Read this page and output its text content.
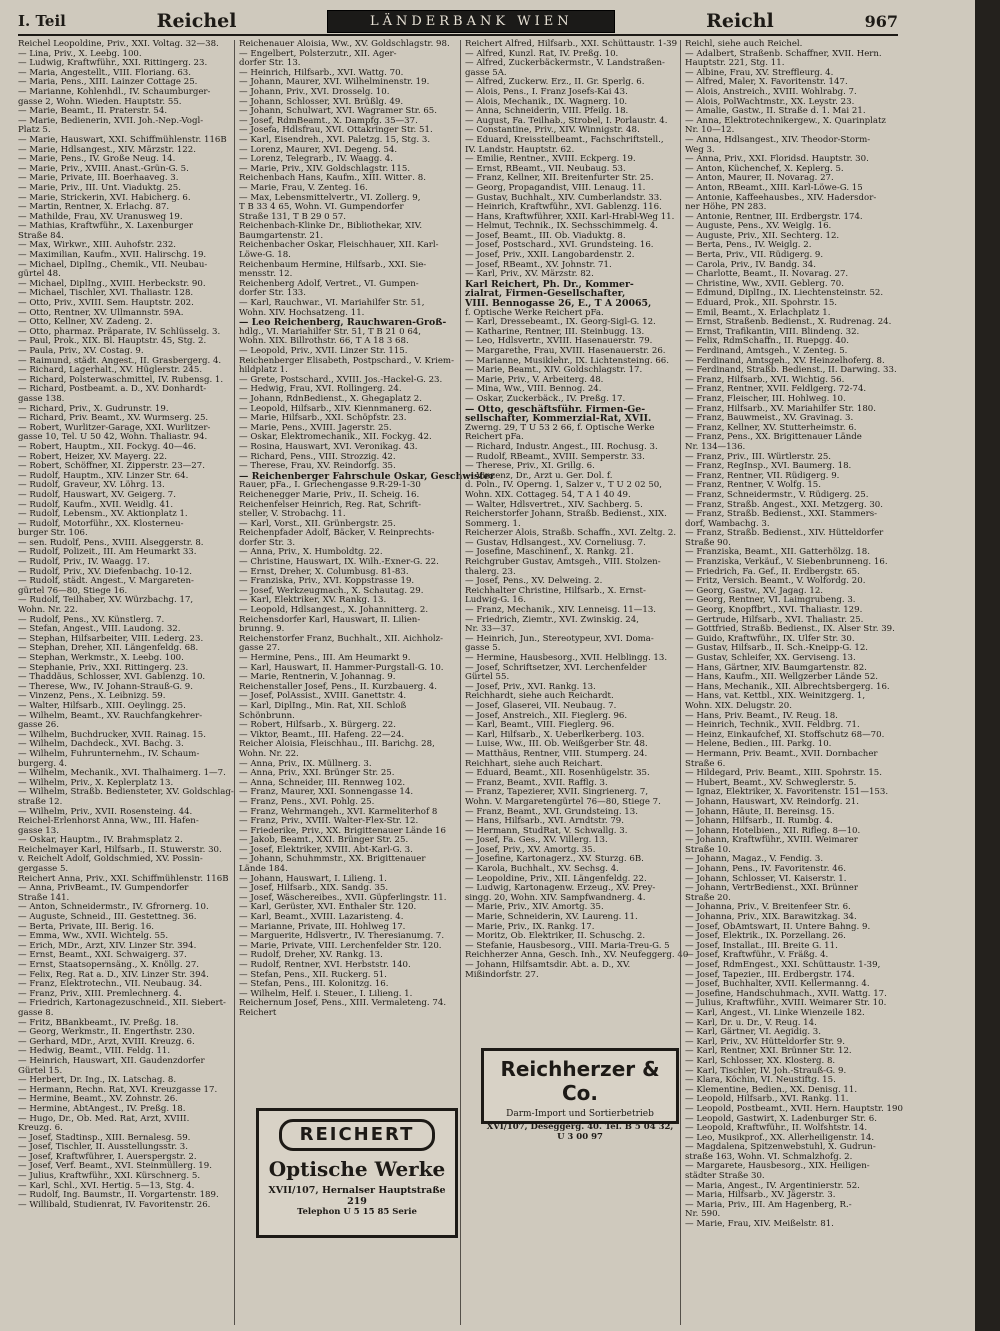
I. Teil	Reichel	LÄNDERBANK WIEN	Reichl	967
Reichel Leopoldine, Priv., XXI. Voltag. 32—38.
— Lina, Priv., X. Leebg. 100.
— Ludwig, Kraftwführ., XXI. Rittingerg. 23.
— Maria, Angestellt., VIII. Floriang. 63.
— Maria, Pens., XIII. Lainzer Cottage 25.
— Marianne, Kohlenhdl., IV. Schaumburger-
gasse 2, Wohn. Wieden. Hauptstr. 55.
— Marie, Beamt., II. Praterstr. 54.
— Marie, Bedienerin, XVII. Joh.-Nep.-Vogl-
Platz 5.
— Marie, Hauswart, XXI. Schiffmühlenstr. 116B
— Marie, Hdlsangest., XIV. Märzstr. 122.
— Marie, Pens., IV. Große Neug. 14.
— Marie, Priv., XVIII. Anast.-Grün-G. 5.
— Marie, Private, III. Boerhaaveg. 3.
— Marie, Priv., III. Unt. Viaduktg. 25.
— Marie, Strickerin, XVI. Habicherg. 6.
— Martin, Rentner, X. Erlachg. 87.
— Mathilde, Frau, XV. Uranusweg 19.
— Mathias, Kraftwführ., X. Laxenburger
Straße 84.
— Max, Wirkwr., XIII. Auhofstr. 232.
— Maximilian, Kaufm., XVII. Halirschg. 19.
— Michael, DiplIng., Chemik., VII. Neubau-
gürtel 48.
— Michael, DiplIng., XVIII. Herbeckstr. 90.
— Michael, Tischler, XVI. Thaliastr. 128.
— Otto, Priv., XVIII. Sem. Hauptstr. 202.
— Otto, Rentner, XV. Ullmannstr. 59A.
— Otto, Kellner, XV. Zadeng. 2.
— Otto, pharmaz. Präparate, IV. Schlüsselg. 3.
— Paul, Prok., XIX. Bl. Hauptstr. 45, Stg. 2.
— Paula, Priv., XV. Costag. 9.
— Raimund, städt. Angest., II. Grasbergerg. 4.
— Richard, Lagerhalt., XV. Hüglerstr. 245.
— Richard, Polsterwaschmittel, IV. Rubensg. 1.
— Richard, Postbeamt. a. D., XV. Donhardt-
gasse 138.
— Richard, Priv., X. Gudrunstr. 19.
— Richard, Priv. Beamt., XV. Wurmserg. 25.
— Robert, Wurlitzer-Garage, XXI. Wurlitzer-
gasse 10, Tel. U 50 42, Wohn. Thaliastr. 94.
— Robert, Hauptm., XII. Fockyg. 40—46.
— Robert, Heizer, XV. Mayerg. 22.
— Robert, Schöffner, XI. Zipperstr. 23—27.
— Rudolf, Hauptm., XIV. Linzer Str. 64.
— Rudolf, Graveur, XV. Löhrg. 13.
— Rudolf, Hauswart, XV. Geigerg. 7.
— Rudolf, Kaufm., XVII. Weidlg. 41.
— Rudolf, Lebensm., XV. Aktionplatz 1.
— Rudolf, Motorführ., XX. Klosterneu-
burger Str. 106.
— sen. Rudolf, Pens., XVIII. Alseggerstr. 8.
— Rudolf, Polizeit., III. Am Heumarkt 33.
— Rudolf, Priv., IV. Waagg. 17.
— Rudolf, Priv., XV. Diefenbachg. 10-12.
— Rudolf, städt. Angest., V. Margareten-
gürtel 76—80, Stiege 16.
— Rudolf, Teilhaber, XV. Würzbachg. 17,
Wohn. Nr. 22.
— Rudolf, Pens., XV. Künstlerg. 7.
— Stefan, Angest., VIII. Laudong. 32.
— Stephan, Hilfsarbeiter, VIII. Lederg. 23.
— Stephan, Dreher, XII. Längenfeldg. 68.
— Stephan, Werkmstr., X. Leebg. 100.
— Stephanie, Priv., XXI. Rittingerg. 23.
— Thaddäus, Schlosser, XVI. Gablenzg. 10.
— Therese, Ww., IV. Johann-Strauß-G. 9.
— Vinzenz, Pens., X. Leibnizg. 59.
— Walter, Hilfsarb., XIII. Oeylingg. 25.
— Wilhelm, Beamt., XV. Rauchfangkehrer-
gasse 26.
— Wilhelm, Buchdrucker, XVII. Rainag. 15.
— Wilhelm, Dachdeck., XVI. Bachg. 3.
— Wilhelm, Fuhrunternehm., IV. Schaum-
burgerg. 4.
— Wilhelm, Mechanik., XVI. Thalhaimerg. 1—7.
— Wilhelm, Priv., X. Keplerplatz 13.
— Wilhelm, Straßb. Bediensteter, XV. Goldschlag-
straße 12.
— Wilhelm, Priv., XVII. Rosensteing. 44.
Reichel-Erlenhorst Anna, Ww., III. Hafen-
gasse 13.
— Oskar, Hauptm., IV. Brahmsplatz 2.
Reichelmayer Karl, Hilfsarb., II. Stuwerstr. 30.
v. Reichelt Adolf, Goldschmied, XV. Possin-
gergasse 5.
Reichert Anna, Priv., XXI. Schiffmühlenstr. 116B
— Anna, PrivBeamt., IV. Gumpendorfer
Straße 141.
— Anton, Schneidermstr., IV. Gfrornerg. 10.
— Auguste, Schneid., III. Gestettneg. 36.
— Berta, Private, III. Berig. 16.
— Emma, Ww., XVII. Wichtelg. 55.
— Erich, MDr., Arzt, XIV. Linzer Str. 394.
— Ernst, Beamt., XXI. Schwaigerg. 37.
— Ernst, Staatsopernsäng., X. Knöllg. 27.
— Felix, Reg. Rat a. D., XIV. Linzer Str. 394.
— Franz, Elektrotechn., VII. Neubaug. 34.
— Franz, Priv., XIII. Premlechnerg. 4.
— Friedrich, Kartonagezuschneid., XII. Siebert-
gasse 8.
— Fritz, BBankbeamt., IV. Preßg. 18.
— Georg, Werkmstr., II. Engerthstr. 230.
— Gerhard, MDr., Arzt, XVIII. Kreuzg. 6.
— Hedwig, Beamt., VIII. Feldg. 11.
— Heinrich, Hauswart, XII. Gaudenzdorfer
Gürtel 15.
— Herbert, Dr. Ing., IX. Latschag. 8.
— Hermann, Rechn. Rat, XVI. Kreuzgasse 17.
— Hermine, Beamt., XV. Zohnstr. 26.
— Hermine, AbtAngest., IV. Preßg. 18.
— Hugo, Dr., Ob. Med. Rat, Arzt, XVIII.
Kreuzg. 6.
— Josef, Stadtinsp., XIII. Bernalesg. 59.
— Josef, Tischler, II. Ausstellungsstr. 3.
— Josef, Kraftwführer, I. Auerspergstr. 2.
— Josef, Verf. Beamt., XVI. Steinmüllerg. 19.
— Julius, Kraftwführ., XXI. Kürschnerg. 5.
— Karl, Schl., XVI. Hertig. 5—13, Stg. 4.
— Rudolf, Ing. Baumstr., II. Vorgartenstr. 189.
— Willibald, Studienrat, IV. Favoritenstr. 26.
Reichenauer Aloisia, Ww., XV. Goldschlagstr. 98.
— Engelbert, Polsterzutr., XII. Ager-
dorfer Str. 13.
— Heinrich, Hilfsarb., XVI. Wattg. 70.
— Johann, Maurer, XVI. Wilhelminenstr. 19.
— Johann, Priv., XVI. Drosselg. 10.
— Johann, Schlosser, XVI. Brüßlg. 49.
— Johann, Schulwart, XVI. Wagramer Str. 65.
— Josef, RdmBeamt., X. Dampfg. 35—37.
— Josefa, Hdlsfrau, XVI. Ottakringer Str. 51.
— Karl, Eisendreh., XVI. Paletzg. 15, Stg. 3.
— Lorenz, Maurer, XVI. Degeng. 54.
— Lorenz, Telegrarb., IV. Waagg. 4.
— Marie, Priv., XIV. Goldschlagstr. 115.
Reichenbach Hans, Kaufm., XIII. Wittег. 8.
— Marie, Frau, V. Zenteg. 16.
— Max, Lebensmittelvertr., VI. Zollerg. 9,
T B 33 4 65, Wohn. VI. Gumpendorfer
Straße 131, T B 29 0 57.
Reichenbach-Klinke Dr., Bibliothekar, XIV.
Baumgartenstr. 21.
Reichenbacher Oskar, Fleischhauer, XII. Karl-
Löwe-G. 18.
Reichenbaum Hermine, Hilfsarb., XXI. Sie-
mensstr. 12.
Reichenberg Adolf, Vertret., VI. Gumpen-
dorfer Str. 133.
— Karl, Rauchwar., VI. Mariahilfer Str. 51,
Wohn. XIV. Hochsatzeng. 11.
— Leo Reichenberg, Rauchwaren-Groß-
hdlg., VI. Mariahilfer Str. 51, T B 21 0 64,
Wohn. XIX. Billrothstr. 66, T A 18 3 68.
— Leopold, Priv., XVII. Linzer Str. 115.
Reichenberger Elisabeth, Postpschard., V. Kriem-
hildplatz 1.
— Grete, Postschard., XVIII. Jos.-Hackel-G. 23.
— Hedwig, Frau, XVI. Rollingerg. 24.
— Johann, RdnBedienst., X. Ghegaplatz 2.
— Leopold, Hilfsarb., XIV. Kiennmanerg. 62.
— Marie, Hilfsarb., XXI. Schöpfstr. 23.
— Marie, Pens., XVIII. Jagerstr. 25.
— Oskar, Elektromechanik., XII. Fockyg. 42.
— Rosina, Hauswart, XVI. Veronikag. 43.
— Richard, Pens., VIII. Strozzig. 42.
— Therese, Frau, XV. Reindorfg. 35.
— Reichenberger Fahrschule Oskar, Geschwister
Rauer, pFa., I. Griechengasse 9.R-29-1-30
Reichenegger Marie, Priv., II. Scheig. 16.
Reichenfelser Heinrich, Reg. Rat, Schrift-
steller, V. Strobachg. 11.
— Karl, Vorst., XII. Grünbergstr. 25.
Reichenpfader Adolf, Bäcker, V. Reinprechts-
dorfer Str. 3.
— Anna, Priv., X. Humboldtg. 22.
— Christine, Hauswart, IX. Wilh.-Exner-G. 22.
— Ernst, Dreher, X. Columbusg. 81-83.
— Franziska, Priv., XVI. Koppstrasse 19.
— Josef, Werkzeugmach., X. Schautag. 29.
— Karl, Elektriker, XV. Rankg. 13.
— Leopold, Hdlsangest., X. Johannitterg. 2.
Reichensdorfer Karl, Hauswart, II. Lilien-
brunng. 9.
Reichenstorfer Franz, Buchhalt., XII. Aichholz-
gasse 27.
— Hermine, Pens., III. Am Heumarkt 9.
— Karl, Hauswart, II. Hammer-Purgstall-G. 10.
— Marie, Rentnerin, V. Johannag. 9.
Reichenstaller Josef, Pens., II. Kurzbauerg. 4.
— Josef, PolAssist., XVIII. Ganettstr. 4.
— Karl, DiplIng., Min. Rat, XII. Schloß
Schönbrunn.
— Robert, Hilfsarb., X. Bürgerg. 22.
— Viktor, Beamt., III. Hafeng. 22—24.
Reicher Aloisia, Fleischhau., III. Barichg. 28,
Wohn. Nr. 22.
— Anna, Priv., IX. Müllnerg. 3.
— Anna, Priv., XXI. Brünger Str. 25.
— Anna, Schneider, III. Rennweg 102.
— Franz, Maurer, XXI. Sonnengasse 14.
— Franz, Pens., XVI. Pohlg. 25.
— Franz, Wehrmangeh., XVI. Karmeliterhof 8
— Franz, Priv., XVIII. Walter-Flex-Str. 12.
— Friederike, Priv., XX. Brigittenauer Lände 16
— Jakob, Beamt., XXI. Brünger Str. 25.
— Josef, Elektriker, XVIII. Abt-Karl-G. 3.
— Johann, Schuhmmstr., XX. Brigittenauer
Lände 184.
— Johann, Hauswart, I. Lilieng. 1.
— Josef, Hilfsarb., XIX. Sandg. 35.
— Josef, Wäschereibes., XVII. Güpferlingstr. 11.
— Karl, Gerüster, XVI. Enthaler Str. 120.
— Karl, Beamt., XVIII. Lazaristeng. 4.
— Marianne, Private, III. Hohlweg 17.
— Marguerite, Hdlsvertr., IV. Theresianumg. 7.
— Marie, Private, VIII. Lerchenfelder Str. 120.
— Rudolf, Dreher, XV. Rankg. 13.
— Rudolf, Rentner, XVI. Herbststr. 140.
— Stefan, Pens., XII. Ruckerg. 51.
— Stefan, Pens., III. Kolonitzg. 16.
— Wilhelm, Helf. i. Steuer., I. Lilieng. 1.
Reichernum Josef, Pens., XIII. Vermaleteng. 74.
Reichert
Reichert Alfred, Hilfsarb., XXI. Schüttaustr. 1-39
— Alfred, Kunzl. Rat, IV. Preßg. 10.
— Alfred, Zuckerbäckermstr., V. Landstraßen-
gasse 5A.
— Alfred, Zuckerw. Erz., II. Gr. Sperlg. 6.
— Alois, Pens., I. Franz Josefs-Kai 43.
— Alois, Mechanik., IX. Wagnerg. 10.
— Anna, Schneiderin, VIII. Pfeilg. 18.
— August, Fa. Teilhab., Strobel, I. Porlaustr. 4.
— Constantine, Priv., XIV. Winnigstr. 48.
— Eduard, Kreisstellbeamt., Fachschriftstell.,
IV. Landstr. Hauptstr. 62.
— Emilie, Rentner., XVIII. Eckperg. 19.
— Ernst, RBeamt., VII. Neubaug. 53.
— Franz, Kellner, XII. Breitenfurter Str. 25.
— Georg, Propagandist, VIII. Lenaug. 11.
— Gustav, Buchhalt., XIV. Cumberlandstr. 33.
— Heinrich, Kraftwführ., XVI. Gablenzg. 116.
— Hans, Kraftwführer, XXII. Karl-Hrabl-Weg 11.
— Helmut, Technik., IX. Sechsschimmelg. 4.
— Josef, Beamt., III. Ob. Viaduktg. 8.
— Josef, Postschard., XVI. Grundsteing. 16.
— Josef, Priv., XXII. Langobardenstr. 2.
— Josef, RBeamt., XV. Johnstr. 71.
— Karl, Priv., XV. Märzstr. 82.
Karl Reichert, Ph. Dr., Kommer-
zialrat, Firmen-Gesellschafter,
VIII. Bennogasse 26, E., T A 20065,
f. Optische Werke Reichert pFa.
— Karl, Dressebeamt., IX. Georg-Sigl-G. 12.
— Katharine, Rentner, III. Steinbugg. 13.
— Leo, Hdlsvertr., XVIII. Hasenauerstr. 79.
— Margarethe, Frau, XVIII. Hasenauerstr. 26.
— Marianne, Musiklehr., IX. Lichtensteing. 66.
— Marie, Beamt., XIV. Goldschlagstr. 17.
— Marie, Priv., V. Arbeiterg. 48.
— Mina, Ww., VIII. Bennog. 24.
— Oskar, Zuckerbäck., IV. Preßg. 17.
— Otto, geschäftsführ. Firmen-Ge-
sellschafter, Kommerzial-Rat, XVII.
Zwerng. 29, T U 53 2 66, f. Optische Werke
Reichert pFa.
— Richard, Industr. Angest., III. Rochusg. 3.
— Rudolf, RBeamt., XVIII. Semperstr. 33.
— Therese, Priv., XI. Grillg. 6.
— Vinzenz, Dr., Arzt u. Ger. Dol. f.
d. Poln., IV. Operng. 1, Salzer v., T U 2 02 50,
Wohn. XIX. Cottageg. 54, T A 1 40 49.
— Walter, Hdlsvertret., XIV. Sachberg. 5.
Reicherstorfer Johann, Straßb. Bedienst., XIX.
Sommerg. 1.
Reicherzer Alois, Straßb. Schaffn., XVI. Zeltg. 2.
— Gustav, Hdlsangest., XV. Corneliusg. 7.
— Josefine, Maschinenf., X. Rankg. 21.
Reichgruber Gustav, Amtsgeh., VIII. Stolzen-
thalerg. 23.
— Josef, Pens., XV. Delweing. 2.
Reichhalter Christine, Hilfsarb., X. Ernst-
Ludwig-G. 16.
— Franz, Mechanik., XIV. Lenneisg. 11—13.
— Friedrich, Ziemtr., XVI. Zwinskig. 24,
Nr. 33—37.
— Heinrich, Jun., Stereotypeur, XVI. Doma-
gasse 5.
— Hermine, Hausbesorg., XVII. Helblingg. 13.
— Josef, Schriftsetzer, XVI. Lerchenfelder
Gürtel 55.
— Josef, Priv., XVI. Rankg. 13.
Reichhardt, siehe auch Reichardt.
— Josef, Glaserei, VII. Neubaug. 7.
— Josef, Anstreich., XII. Fieglerg. 96.
— Karl, Beamt., VIII. Fieglerg. 96.
— Karl, Hilfsarb., X. Ueberlkerberg. 103.
— Luise, Ww., III. Ob. Weißgerber Str. 48.
— Matthäus, Rentner, VIII. Stumperg. 24.
Reichhart, siehe auch Reichart.
— Eduard, Beamt., XII. Rosenhügelstr. 35.
— Franz, Beamt., XVII. Rafflg. 3.
— Franz, Tapezierer, XVII. Singrienerg. 7,
Wohn. V. Margaretengürtel 76—80, Stiege 7.
— Franz, Beamt., XVI. Grundsteing. 13.
— Hans, Hilfsarb., XVI. Arndtstr. 79.
— Hermann, StudRat, V. Schwallg. 3.
— Josef, Fa. Ges., XV. Villerg. 13.
— Josef, Priv., XV. Amortg. 35.
— Josefine, Kartonagerz., XV. Sturzg. 6B.
— Karola, Buchhalt., XV. Sechsg. 4.
— Leopoldine, Priv., XII. Längenfeldg. 22.
— Ludwig, Kartonagenw. Erzeug., XV. Prey-
singg. 20, Wohn. XIV. Sampfwandnerg. 4.
— Marie, Priv., XIV. Amortg. 35.
— Marie, Schneiderin, XV. Laureng. 11.
— Marie, Priv., IX. Rankg. 17.
— Moritz, Ob. Elektriker, II. Schuschg. 2.
— Stefanie, Hausbesorg., VIII. Maria-Treu-G. 5
Reichherzer Anna, Gesch. Inh., XV. Neufeggerg. 40
— Johann, Hilfsamtsdir. Abt. a. D., XV.
Mißindorfstr. 27.
Reichl, siehe auch Reichel.
— Adalbert, Straßenb. Schaffner, XVII. Hern.
Hauptstr. 221, Stg. 11.
— Albine, Frau, XV. Streffleurg. 4.
— Alfred, Maler, X. Favoritenstr. 147.
— Alois, Anstreich., XVIII. Wohlrabg. 7.
— Alois, PolWachtmstr., XX. Leystr. 23.
— Amalie, Gastw., II. Straße d. 1. Mai 21.
— Anna, Elektrotechnikergew., X. Quarinplatz
Nr. 10—12.
— Anna, Hdlsangest., XIV. Theodor-Storm-
Weg 3.
— Anna, Priv., XXI. Floridsd. Hauptstr. 30.
— Anton, Küchenchef, X. Keplerg. 5.
— Anton, Maurer, II. Novarag. 27.
— Anton, RBeamt., XIII. Karl-Löwe-G. 15
— Antonie, Kaffeehausbes., XIV. Hadersdor-
ner Höhe, PN 283.
— Antonie, Rentner, III. Erdbergstr. 174.
— Auguste, Pens., XV. Weiglg. 16.
— Auguste, Priv., XII. Sechterg. 12.
— Berta, Pens., IV. Weiglg. 2.
— Berta, Priv., VII. Rüdigerg. 9.
— Carola, Priv., IV. Bandg. 34.
— Charlotte, Beamt., II. Novarag. 27.
— Christine, Ww., XVII. Geblerg. 70.
— Edmund, DiplIng., IX. Liechtensteinstr. 52.
— Eduard, Prok., XII. Spohrstr. 15.
— Emil, Beamt., X. Erlachplatz 1.
— Ernst, Straßenb. Bedienst., X. Rudrenag. 24.
— Ernst, Trafikantin, VIII. Blindeng. 32.
— Felix, RdmSchaffn., II. Ruepgg. 40.
— Ferdinand, Amtsgeh., V. Zenteg. 5.
— Ferdinand, Amtsgeh., XV. Heinzelhoferg. 8.
— Ferdinand, Straßb. Bedienst., II. Darwing. 33.
— Franz, Hilfsarb., XVI. Wichtig. 56.
— Franz, Rentner, XVII. Feldlgerg. 72-74.
— Franz, Fleischer, III. Hohlweg. 10.
— Franz, Hilfsarb., XV. Mariahilfer Str. 180.
— Franz, Bauwmeist., XV. Gravinag. 3.
— Franz, Kellner, XV. Stutterheimstr. 6.
— Franz, Pens., XX. Brigittenauer Lände
Nr. 134—136.
— Franz, Priv., III. Würtlerstr. 25.
— Franz, RegInsp., XVI. Baumerg. 18.
— Franz, Rentner, VII. Rüdigerg. 9.
— Franz, Rentner, V. Wolfg. 15.
— Franz, Schneidermstr., V. Rüdigerg. 25.
— Franz, Straßb. Angest., XXI. Metzgerg. 30.
— Franz, Straßb. Bedienst., XXI. Stammers-
dorf, Wambachg. 3.
— Franz, Straßb. Bedienst., XIV. Hütteldorfer
Straße 90.
— Franziska, Beamt., XII. Gatterhölzg. 18.
— Franziska, Verkäuf., V. Siebenbrunneng. 16.
— Friedrich, Fa. Gef., II. Erdbergstr. 65.
— Fritz, Versich. Beamt., V. Wolfordg. 20.
— Georg, Gastw., XV. Jagag. 12.
— Georg, Rentner, VI. Laimgrubeng. 3.
— Georg, Knopffbrt., XVI. Thaliastr. 129.
— Gertrude, Hilfsarb., XVI. Thaliastr. 25.
— Gottfried, Straßb. Bedienst., IX. Alser Str. 39.
— Guido, Kraftwführ., IX. Ulfer Str. 30.
— Gustav, Hilfsarb., II. Sch.-Kneipp-G. 12.
— Gustav, Schleifer, XX. Gerviseng. 13.
— Hans, Gärtner, XIV. Baumgartenstr. 82.
— Hans, Kaufm., XII. Wellgzerber Lände 52.
— Hans, Mechanik., XII. Albrechtsbergerg. 16.
— Hans, vat. Kettbl., XIX. Weinitzgerg. 1,
Wohn. XIX. Delugstr. 20.
— Hans, Priv. Beamt., IV. Reug. 18.
— Heinrich, Technik., XVII. Feldbrg. 71.
— Heinz, Einkaufchef, XI. Stoffschutz 68—70.
— Helene, Bedien., III. Parkg. 10.
— Hermann, Priv. Beamt., XVII. Dornbacher
Straße 6.
— Hildegard, Priv. Beamt., XIII. Spohrstr. 15.
— Hubert, Beamt., XV. Schweglerstr. 5.
— Ignaz, Elektriker, X. Favoritenstr. 151—153.
— Johann, Hauswart, XV. Reindorfg. 21.
— Johann, Häute, II. Bereinsg. 15.
— Johann, Hilfsarb., II. Rumbg. 4.
— Johann, Hotelbien., XII. Rifleg. 8—10.
— Johann, Kraftwführ., XVIII. Weimarer
Straße 10.
— Johann, Magaz., V. Fendig. 3.
— Johann, Pens., IV. Favoritenstr. 46.
— Johann, Schlosser, VI. Kaiserstr. 1.
— Johann, VertrBedienst., XXI. Brünner
Straße 20.
— Johanna, Priv., V. Breitenfeer Str. 6.
— Johanna, Priv., XIX. Barawitzkag. 34.
— Josef, ObAmtswart, II. Untere Bahng. 9.
— Josef, Elektrik., IX. Porzellang. 26.
— Josef, Installat., III. Breite G. 11.
— Josef, Kraftwführ., V. Fräßg. 4.
— Josef, RdmEngest., XXI. Schüttaustr. 1-39,
— Josef, Tapezier., III. Erdbergstr. 174.
— Josef, Buchhalter, XVII. Kellermanng. 4.
— Josefine, Handschuhmach., XVII. Wattg. 17.
— Julius, Kraftwführ., XVIII. Weimarer Str. 10.
— Karl, Angest., VI. Linke Wienzeile 182.
— Karl, Dr. u. Dr., V. Reug. 14.
— Karl, Gärtner, VI. Aegidig. 3.
— Karl, Priv., XV. Hütteldorfer Str. 9.
— Karl, Rentner, XXI. Brünner Str. 12.
— Karl, Schlosser, XX. Klosterg. 8.
— Karl, Tischler, IV. Joh.-Strauß-G. 9.
— Klara, Köchin, VI. Neustiftg. 15.
— Klementine, Bedien., XX. Denisg. 11.
— Leopold, Hilfsarb., XVI. Rankg. 11.
— Leopold, Postbeamt., XVII. Hern. Hauptstr. 190
— Leopold, Gastwirt, X. Ladenburger Str. 6.
— Leopold, Kraftwführ., II. Wolfshtstr. 14.
— Leo, Musikprof., XX. Allerheiligenstr. 14.
— Magdalena, Spitzenwebstuhl, X. Gudrun-
straße 163, Wohn. VI. Schmalzhofg. 2.
— Margarete, Hausbesorg., XIX. Heiligen-
städter Straße 30.
— Maria, Angest., IV. Argentinierstr. 52.
— Maria, Hilfsarb., XV. Jägerstr. 3.
— Maria, Priv., III. Am Hagenberg, R.-
Nr. 590.
— Marie, Frau, XIV. Meißelstr. 81.
REICHERT
Optische Werke
XVII/107, Hernalser Hauptstraße 219
Telephon U 5 15 85 Serie
Reichherzer & Co.
Darm-Import und Sortierbetrieb
XVI/107, Deseggerg. 40. Tel. B 5 04 32, U 3 00 97
